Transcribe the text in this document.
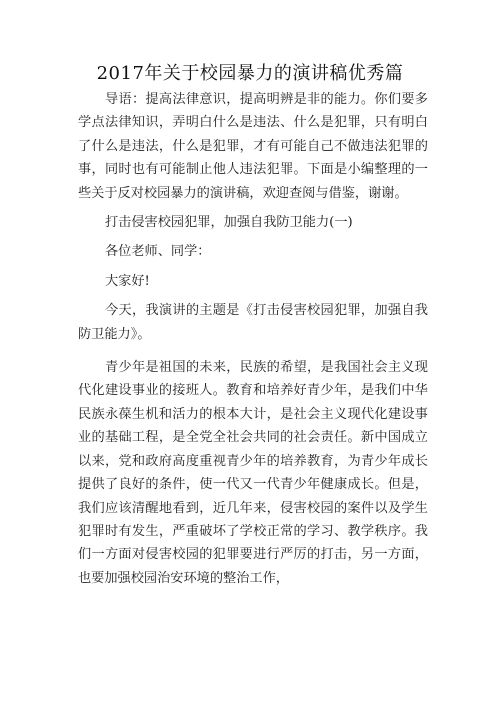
2017年关于校园暴力的演讲稿优秀篇

导语：提高法律意识，提高明辨是非的能力。你们要多学点法律知识，弄明白什么是违法、什么是犯罪，只有明白了什么是违法，什么是犯罪，才有可能自己不做违法犯罪的事，同时也有可能制止他人违法犯罪。下面是小编整理的一些关于反对校园暴力的演讲稿，欢迎查阅与借鉴，谢谢。

打击侵害校园犯罪，加强自我防卫能力(一)

各位老师、同学：

大家好!

今天，我演讲的主题是《打击侵害校园犯罪，加强自我防卫能力》。

青少年是祖国的未来，民族的希望，是我国社会主义现代化建设事业的接班人。教育和培养好青少年，是我们中华民族永葆生机和活力的根本大计，是社会主义现代化建设事业的基础工程，是全党全社会共同的社会责任。新中国成立以来，党和政府高度重视青少年的培养教育，为青少年成长提供了良好的条件，使一代又一代青少年健康成长。但是，我们应该清醒地看到，近几年来，侵害校园的案件以及学生犯罪时有发生，严重破坏了学校正常的学习、教学秩序。我们一方面对侵害校园的犯罪要进行严厉的打击，另一方面，也要加强校园治安环境的整治工作，
